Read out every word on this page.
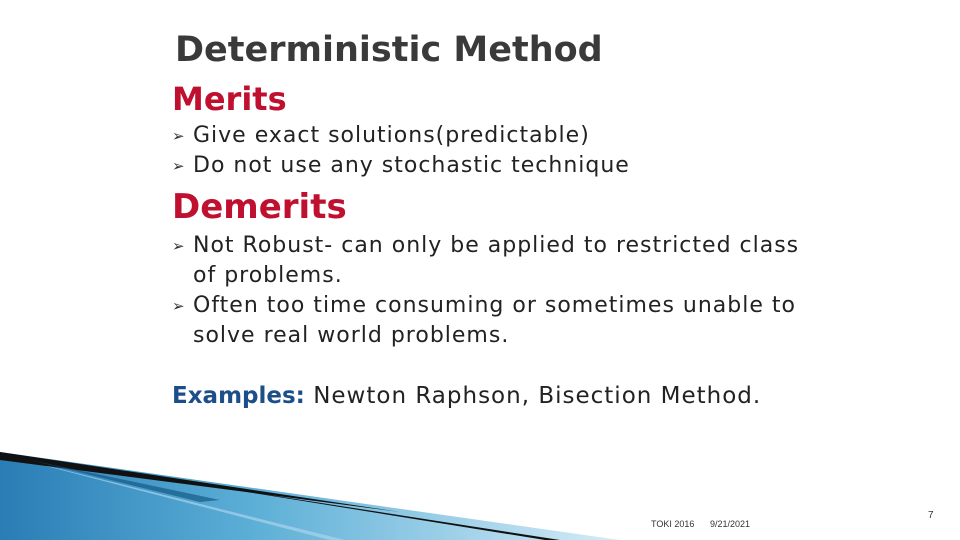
Deterministic Method
Merits
➢ Give exact solutions(predictable)
➢ Do not use any stochastic technique
Demerits
➢ Not Robust- can only be applied to restricted class of problems.
➢ Often too time consuming or sometimes unable to solve real world problems.
Examples: Newton Raphson, Bisection Method.
TOKI 2016 9/21/2021
7
